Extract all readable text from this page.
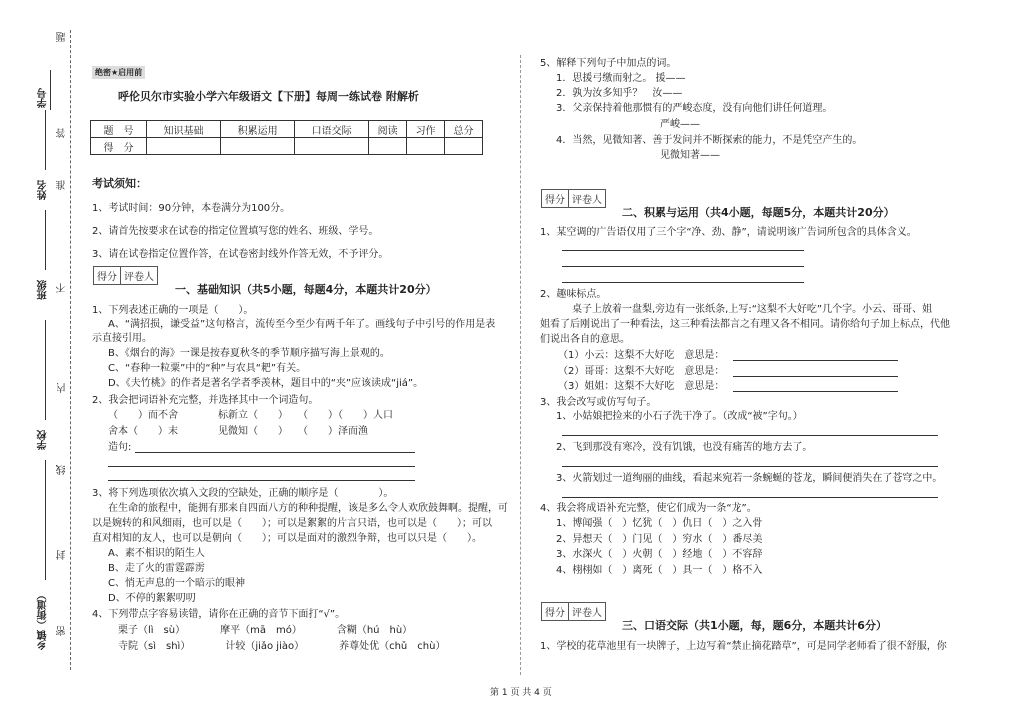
题
学号
答
姓名 准
班级 不
内
学校
线
封
乡镇（街道） 密
绝密★启用前
呼伦贝尔市实验小学六年级语文【下册】每周一练试卷 附解析
题　号	知识基础	积累运用	口语交际	阅读	习作	总分
得　分						
考试须知：
1、考试时间：90分钟，本卷满分为100分。
2、请首先按要求在试卷的指定位置填写您的姓名、班级、学号。
3、请在试卷指定位置作答，在试卷密封线外作答无效，不予评分。
得分 评卷人
一、基础知识（共5小题，每题4分，本题共计20分）
1、下列表述正确的一项是（　　）。
A、“满招损，谦受益”这句格言，流传至今至少有两千年了。画线句子中引号的作用是表
示直接引用。
B、《烟台的海》一课是按春夏秋冬的季节顺序描写海上景观的。
C、“春种一粒粟”中的“种”与农具“耙”有关。
D、《夫竹桃》的作者是著名学者季羡林，题目中的“夹”应该读成“jiá”。
2、我会把词语补充完整，并选择其中一个词造句。
（　　）而不舍　　　　标新立（　　）　　（　　）（　　）人口
舍本（　　）末　　　　见微知（　　）　　（　　）泽而渔
造句:
3、将下列选项依次填入文段的空缺处，正确的顺序是（　　　　）。
在生命的旅程中，能拥有那来自四面八方的种种提醒，该是多么令人欢欣鼓舞啊。提醒，可
以是婉转的和风细雨，也可以是（　　）；可以是絮絮的片言只语，也可以是（　　）；可以
直对相知的友人，也可以是朝向（　　）；可以是面对的激烈争辩，也可以只是（　　）。
A、素不相识的陌生人
B、走了火的雷霆霹雳
C、悄无声息的一个暗示的眼神
D、不停的絮絮叨叨
4、下列带点字容易读错，请你在正确的音节下面打“√”。
栗子（lì　sù）　　　　摩平（mā　mó）　　　　含糊（hú　hù）
寺院（sì　shì）　　　　计较（jiǎo jiào）　　　　养尊处优（chǔ　chù）
5、解释下列句子中加点的词。
1．思援弓缴而射之。 援——
2．孰为汝多知乎？　汝——
3．父亲保持着他那惯有的严峻态度，没有向他们讲任何道理。
严峻——
4．当然，见微知著、善于发问并不断探索的能力，不是凭空产生的。
见微知著——
得分 评卷人
二、积累与运用（共4小题，每题5分，本题共计20分）
1、某空调的广告语仅用了三个字“净、劲、静”，请说明该广告词所包含的具体含义。
2、趣味标点。
桌子上放着一盘梨,旁边有一张纸条,上写:“这梨不大好吃”几个字。小云、哥哥、姐
姐看了后刚说出了一种看法，这三种看法都言之有理又各不相同。请你给句子加上标点，代他
们说出各自的意思。
（1）小云：这梨不大好吃　意思是：
（2）哥哥：这梨不大好吃　意思是：
（3）姐姐：这梨不大好吃　意思是：
3、我会改写或仿写句子。
1、小姑娘把捡来的小石子洗干净了。（改成“被”字句。）
2、飞到那没有寒冷，没有饥饿，也没有痛苦的地方去了。
3、火箭划过一道绚丽的曲线，看起来宛若一条蜿蜒的苍龙，瞬间便消失在了苍穹之中。
4、我会将成语补充完整，使它们成为一条“龙”。
1、博闻强（　）忆犹（　）仇日（　）之入骨
2、异想天（　）门见（　）穷水（　）番尽美
3、水深火（　）火朝（　）经地（　）不容辞
4、栩栩如（　）离死（　）具一（　）格不入
得分 评卷人
三、口语交际（共1小题，每，题6分，本题共计6分）
1、学校的花草池里有一块牌子，上边写着“禁止摘花踏草”，可是同学老师看了很不舒服，你
第 1 页 共 4 页
